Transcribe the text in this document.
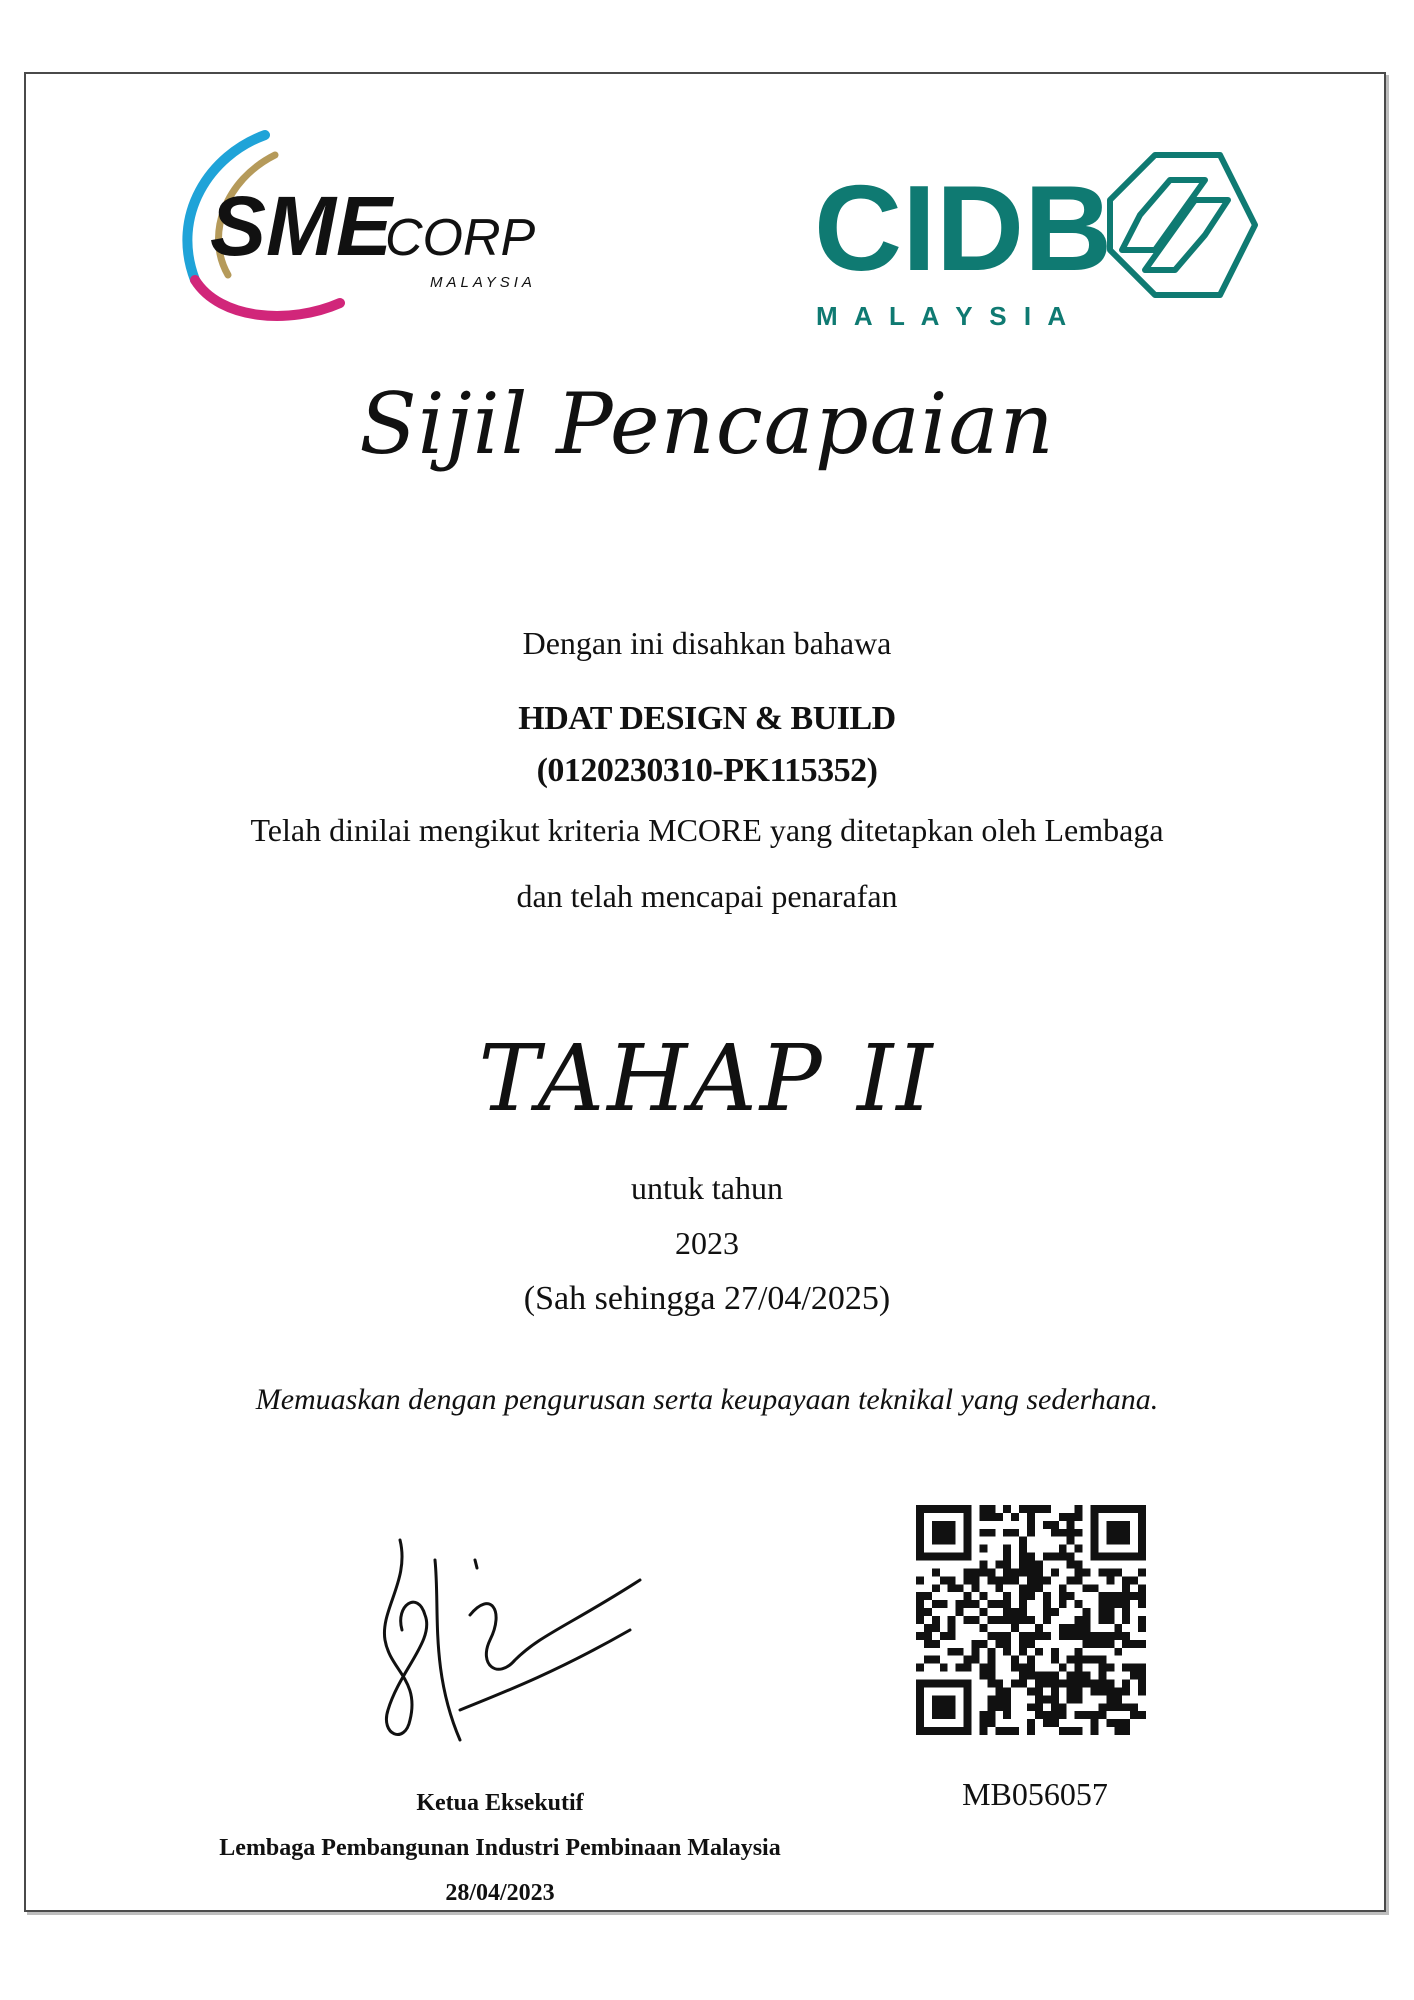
SME
CORP
MALAYSIA CIDB
M A L A Y S I A
Sijil Pencapaian
Dengan ini disahkan bahawa
HDAT DESIGN & BUILD
(0120230310-PK115352)
Telah dinilai mengikut kriteria MCORE yang ditetapkan oleh Lembaga
dan telah mencapai penarafan
TAHAP II
untuk tahun
2023
(Sah sehingga 27/04/2025)
Memuaskan dengan pengurusan serta keupayaan teknikal yang sederhana.
Ketua Eksekutif
Lembaga Pembangunan Industri Pembinaan Malaysia
28/04/2023
MB056057
